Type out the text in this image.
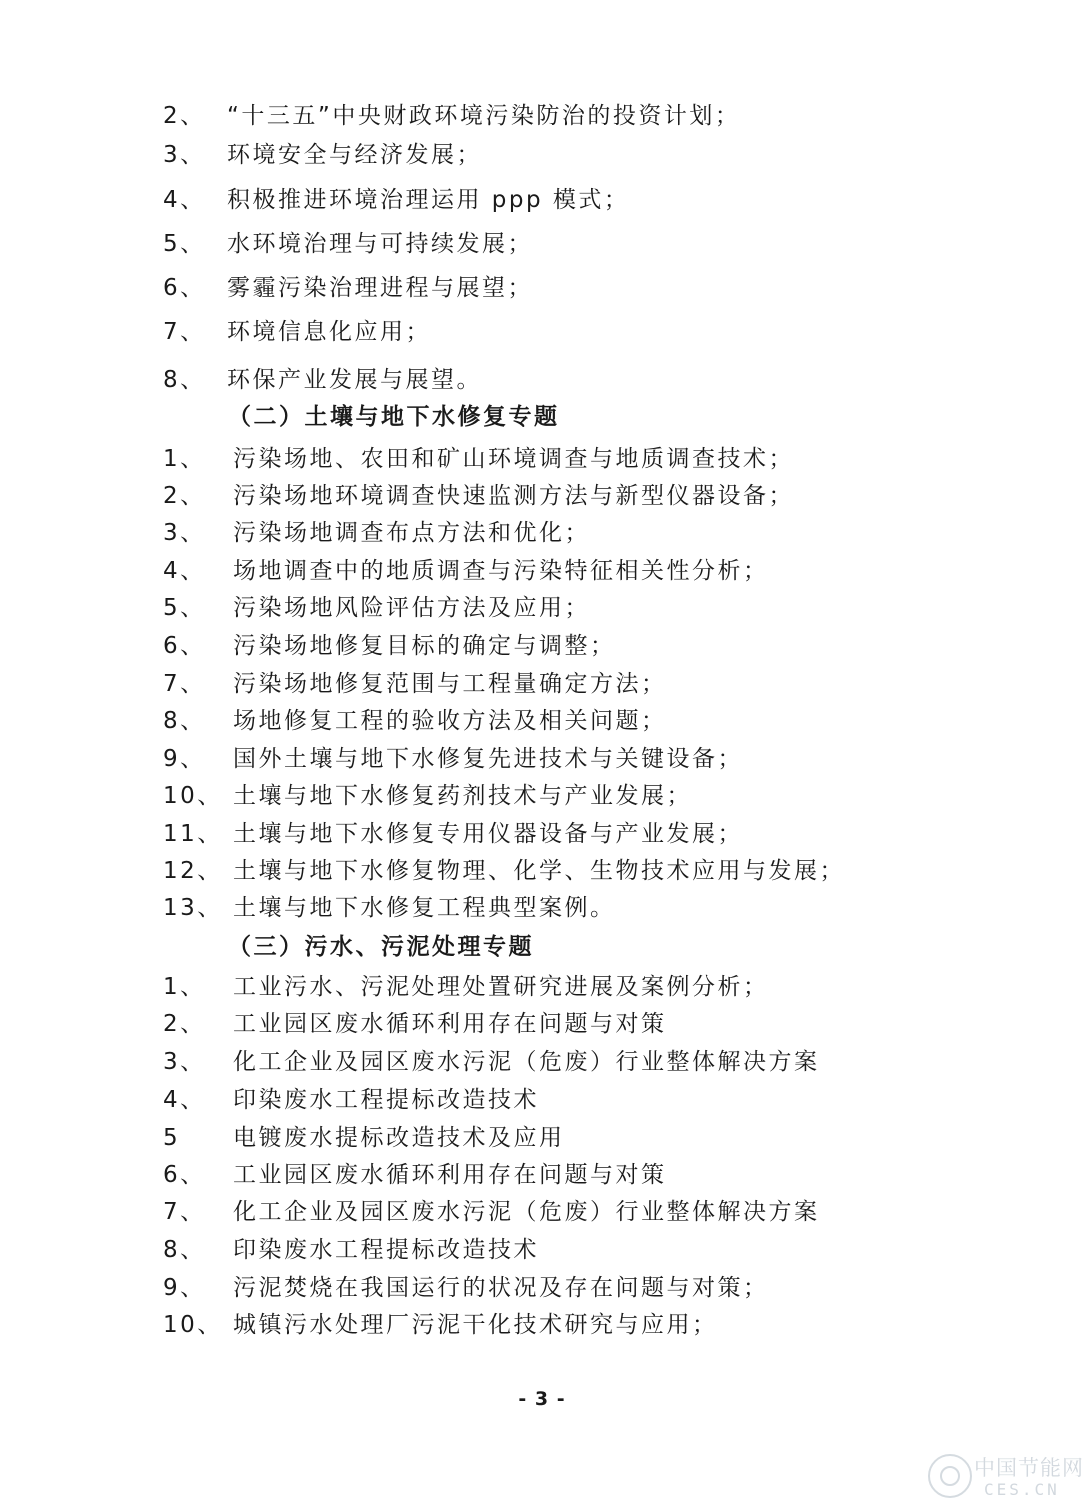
2、 “十三五”中央财政环境污染防治的投资计划；
3、 环境安全与经济发展；
4、 积极推进环境治理运用 ppp 模式；
5、 水环境治理与可持续发展；
6、 雾霾污染治理进程与展望；
7、 环境信息化应用；
8、 环保产业发展与展望。
（二）土壤与地下水修复专题
1、 污染场地、农田和矿山环境调查与地质调查技术；
2、 污染场地环境调查快速监测方法与新型仪器设备；
3、 污染场地调查布点方法和优化；
4、 场地调查中的地质调查与污染特征相关性分析；
5、 污染场地风险评估方法及应用；
6、 污染场地修复目标的确定与调整；
7、 污染场地修复范围与工程量确定方法；
8、 场地修复工程的验收方法及相关问题；
9、 国外土壤与地下水修复先进技术与关键设备；
10、 土壤与地下水修复药剂技术与产业发展；
11、 土壤与地下水修复专用仪器设备与产业发展；
12、 土壤与地下水修复物理、化学、生物技术应用与发展；
13、 土壤与地下水修复工程典型案例。
（三）污水、污泥处理专题
1、 工业污水、污泥处理处置研究进展及案例分析；
2、 工业园区废水循环利用存在问题与对策
3、 化工企业及园区废水污泥（危废）行业整体解决方案
4、 印染废水工程提标改造技术
5 电镀废水提标改造技术及应用
6、 工业园区废水循环利用存在问题与对策
7、 化工企业及园区废水污泥（危废）行业整体解决方案
8、 印染废水工程提标改造技术
9、 污泥焚烧在我国运行的状况及存在问题与对策；
10、 城镇污水处理厂污泥干化技术研究与应用；
- 3 -
中国节能网
CES.CN
